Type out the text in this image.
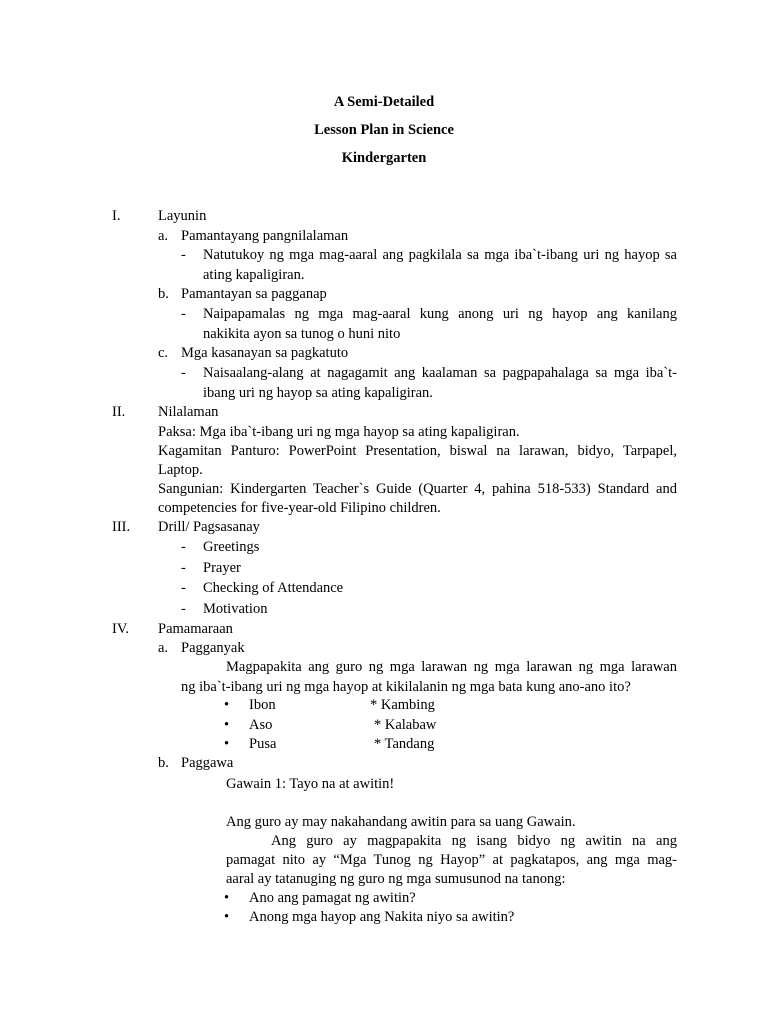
A Semi-Detailed
Lesson Plan in Science
Kindergarten
I.	Layunin
a. Pamantayang pangnilalaman
- Natutukoy ng mga mag-aaral ang pagkilala sa mga iba`t-ibang uri ng hayop sa
ating kapaligiran.
b. Pamantayan sa pagganap
- Naipapamalas ng mga mag-aaral kung anong uri ng hayop ang kanilang
nakikita ayon sa tunog o huni nito
c. Mga kasanayan sa pagkatuto
- Naisaalang-alang at nagagamit ang kaalaman sa pagpapahalaga sa mga iba`t-
ibang uri ng hayop sa ating kapaligiran.
II. Nilalaman
Paksa: Mga iba`t-ibang uri ng mga hayop sa ating kapaligiran.
Kagamitan Panturo: PowerPoint Presentation, biswal na larawan, bidyo, Tarpapel,
Laptop.
Sangunian: Kindergarten Teacher`s Guide (Quarter 4, pahina 518-533) Standard and
competencies for five-year-old Filipino children.
III. Drill/ Pagsasanay
- Greetings
- Prayer
- Checking of Attendance
- Motivation
IV. Pamamaraan
a. Pagganyak
Magpapakita ang guro ng mga larawan ng mga larawan ng mga larawan
ng iba`t-ibang uri ng mga hayop at kikilalanin ng mga bata kung ano-ano ito?
• Ibon	* Kambing
• Aso	* Kalabaw
• Pusa	* Tandang
b. Paggawa
Gawain 1: Tayo na at awitin!
Ang guro ay may nakahandang awitin para sa uang Gawain.
Ang guro ay magpapakita ng isang bidyo ng awitin na ang
pamagat nito ay “Mga Tunog ng Hayop” at pagkatapos, ang mga mag-
aaral ay tatanuging ng guro ng mga sumusunod na tanong:
• Ano ang pamagat ng awitin?
• Anong mga hayop ang Nakita niyo sa awitin?
